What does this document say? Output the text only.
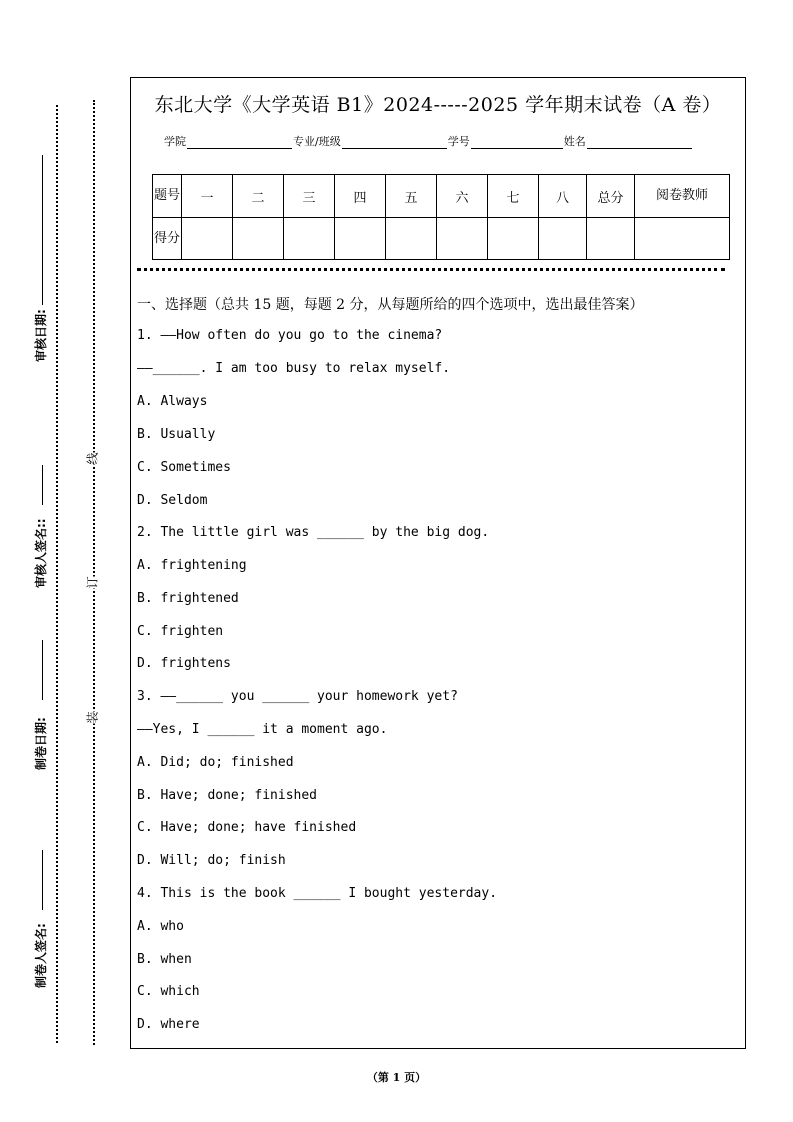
审核日期:
审核人签名::
制卷日期:
制卷人签名:
线
订
装
东北大学《大学英语 B1》2024-----2025 学年期末试卷（A 卷）
学院	专业/班级	学号	姓名
题号	一	二	三	四	五	六	七	八	总分	阅卷教师
得分										
一、选择题（总共 15 题，每题 2 分，从每题所给的四个选项中，选出最佳答案）
1. ——How often do you go to the cinema?
——______. I am too busy to relax myself.
A. Always
B. Usually
C. Sometimes
D. Seldom
2. The little girl was ______ by the big dog.
A. frightening
B. frightened
C. frighten
D. frightens
3. ——______ you ______ your homework yet?
——Yes, I ______ it a moment ago.
A. Did; do; finished
B. Have; done; finished
C. Have; done; have finished
D. Will; do; finish
4. This is the book ______ I bought yesterday.
A. who
B. when
C. which
D. where
（第 1 页）
